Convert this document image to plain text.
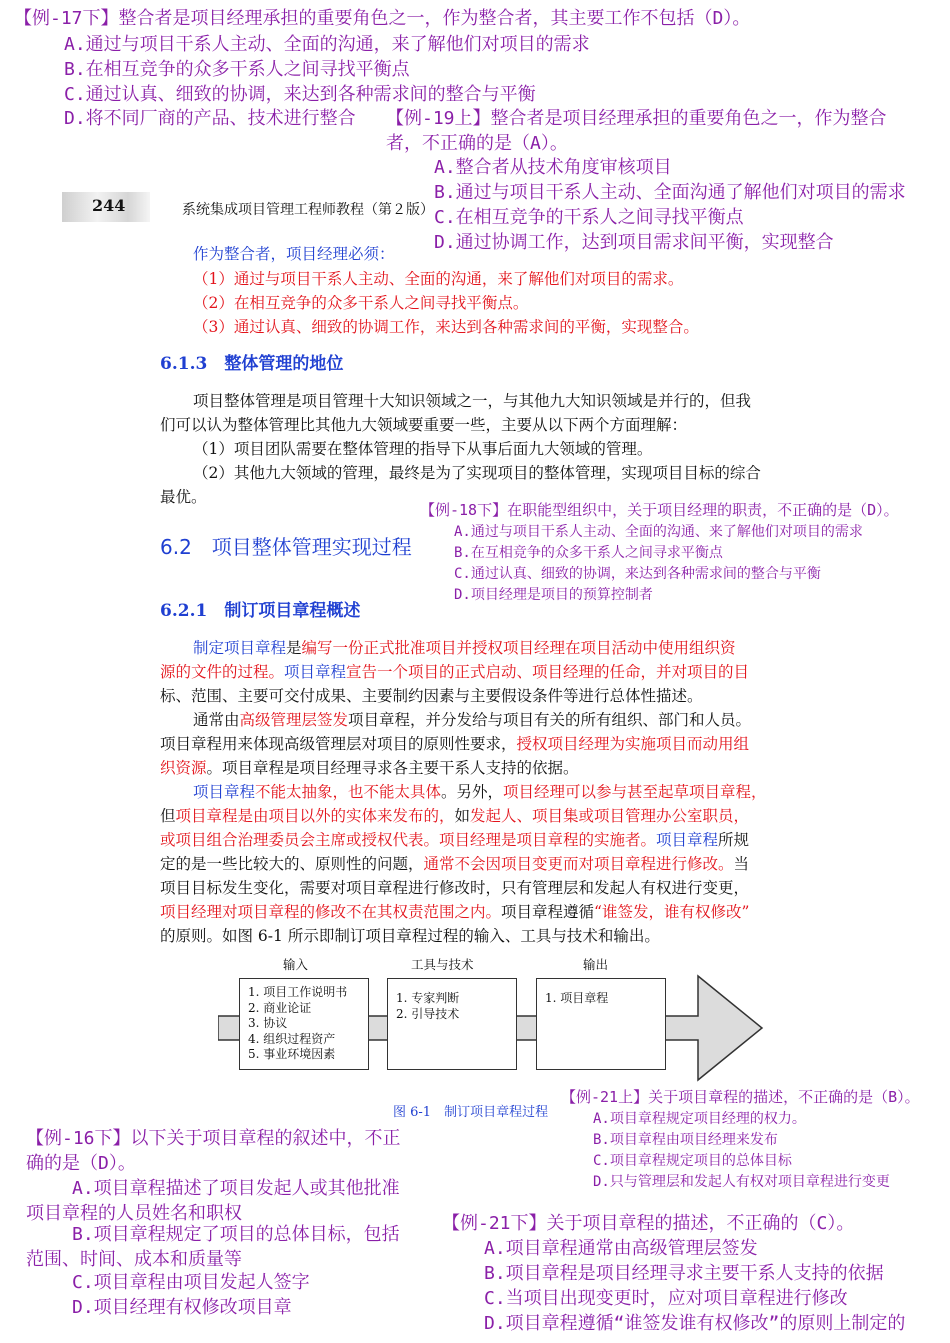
【例-17下】整合者是项目经理承担的重要角色之一，作为整合者，其主要工作不包括（D）。
A.通过与项目干系人主动、全面的沟通，来了解他们对项目的需求
B.在相互竞争的众多干系人之间寻找平衡点
C.通过认真、细致的协调，来达到各种需求间的整合与平衡
D.将不同厂商的产品、技术进行整合 【例-19上】整合者是项目经理承担的重要角色之一，作为整合
者，不正确的是（A）。
A.整合者从技术角度审核项目
B.通过与项目干系人主动、全面沟通了解他们对项目的需求
C.在相互竞争的干系人之间寻找平衡点
D.通过协调工作，达到项目需求间平衡，实现整合
244	系统集成项目管理工程师教程（第２版）
作为整合者，项目经理必须：
（1）通过与项目干系人主动、全面的沟通，来了解他们对项目的需求。
（2）在相互竞争的众多干系人之间寻找平衡点。
（3）通过认真、细致的协调工作，来达到各种需求间的平衡，实现整合。
6.1.3　整体管理的地位
项目整体管理是项目管理十大知识领域之一，与其他九大知识领域是并行的，但我
们可以认为整体管理比其他九大领域要重要一些，主要从以下两个方面理解：
（1）项目团队需要在整体管理的指导下从事后面九大领域的管理。
（2）其他九大领域的管理，最终是为了实现项目的整体管理，实现项目目标的综合
最优。
【例-18下】在职能型组织中，关于项目经理的职责，不正确的是（D）。
A.通过与项目干系人主动、全面的沟通、来了解他们对项目的需求
B.在互相竞争的众多干系人之间寻求平衡点
C.通过认真、细致的协调，来达到各种需求间的整合与平衡
D.项目经理是项目的预算控制者
6.2　项目整体管理实现过程
6.2.1　制订项目章程概述
制定项目章程是编写一份正式批准项目并授权项目经理在项目活动中使用组织资
源的文件的过程。项目章程宣告一个项目的正式启动、项目经理的任命，并对项目的目
标、范围、主要可交付成果、主要制约因素与主要假设条件等进行总体性描述。
通常由高级管理层签发项目章程，并分发给与项目有关的所有组织、部门和人员。
项目章程用来体现高级管理层对项目的原则性要求，授权项目经理为实施项目而动用组
织资源。项目章程是项目经理寻求各主要干系人支持的依据。
项目章程不能太抽象，也不能太具体。另外，项目经理可以参与甚至起草项目章程，
但项目章程是由项目以外的实体来发布的，如发起人、项目集或项目管理办公室职员，
或项目组合治理委员会主席或授权代表。项目经理是项目章程的实施者。项目章程所规
定的是一些比较大的、原则性的问题，通常不会因项目变更而对项目章程进行修改。当
项目目标发生变化，需要对项目章程进行修改时，只有管理层和发起人有权进行变更，
项目经理对项目章程的修改不在其权责范围之内。项目章程遵循“谁签发，谁有权修改”
的原则。如图 6-1 所示即制订项目章程过程的输入、工具与技术和输出。
输入	工具与技术	输出
1. 项目工作说明书
2. 商业论证
3. 协议
4. 组织过程资产
5. 事业环境因素
1. 专家判断
2. 引导技术
1. 项目章程
图 6-1　制订项目章程过程
【例-21上】关于项目章程的描述，不正确的是（B）。
A.项目章程规定项目经理的权力。
B.项目章程由项目经理来发布
C.项目章程规定项目的总体目标
D.只与管理层和发起人有权对项目章程进行变更
【例-16下】以下关于项目章程的叙述中，不正
确的是（D）。
A.项目章程描述了项目发起人或其他批准
项目章程的人员姓名和职权
B.项目章程规定了项目的总体目标，包括
范围、时间、成本和质量等
C.项目章程由项目发起人签字
D.项目经理有权修改项目章
【例-21下】关于项目章程的描述，不正确的（C）。
A.项目章程通常由高级管理层签发
B.项目章程是项目经理寻求主要干系人支持的依据
C.当项目出现变更时，应对项目章程进行修改
D.项目章程遵循“谁签发谁有权修改”的原则上制定的
